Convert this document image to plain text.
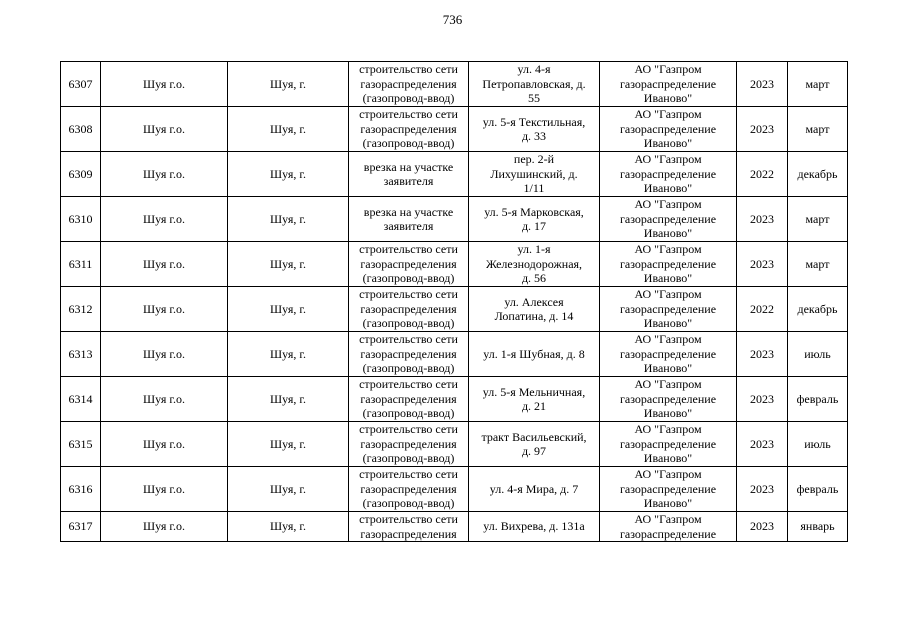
736
6307	Шуя г.о.	Шуя, г.	строительство сети
газораспределения
(газопровод-ввод)	ул. 4-я
Петропавловская, д.
55	АО "Газпром
газораспределение
Иваново"	2023	март

6308	Шуя г.о.	Шуя, г.	строительство сети
газораспределения
(газопровод-ввод)	ул. 5-я Текстильная,
д. 33	АО "Газпром
газораспределение
Иваново"	2023	март

6309	Шуя г.о.	Шуя, г.	врезка на участке
заявителя	пер. 2-й
Лихушинский, д.
1/11	АО "Газпром
газораспределение
Иваново"	2022	декабрь

6310	Шуя г.о.	Шуя, г.	врезка на участке
заявителя	ул. 5-я Марковская,
д. 17	АО "Газпром
газораспределение
Иваново"	2023	март

6311	Шуя г.о.	Шуя, г.	строительство сети
газораспределения
(газопровод-ввод)	ул. 1-я
Железнодорожная,
д. 56	АО "Газпром
газораспределение
Иваново"	2023	март

6312	Шуя г.о.	Шуя, г.	строительство сети
газораспределения
(газопровод-ввод)	ул. Алексея
Лопатина, д. 14	АО "Газпром
газораспределение
Иваново"	2022	декабрь

6313	Шуя г.о.	Шуя, г.	строительство сети
газораспределения
(газопровод-ввод)	ул. 1-я Шубная, д. 8	АО "Газпром
газораспределение
Иваново"	2023	июль

6314	Шуя г.о.	Шуя, г.	строительство сети
газораспределения
(газопровод-ввод)	ул. 5-я Мельничная,
д. 21	АО "Газпром
газораспределение
Иваново"	2023	февраль

6315	Шуя г.о.	Шуя, г.	строительство сети
газораспределения
(газопровод-ввод)	тракт Васильевский,
д. 97	АО "Газпром
газораспределение
Иваново"	2023	июль

6316	Шуя г.о.	Шуя, г.	строительство сети
газораспределения
(газопровод-ввод)	ул. 4-я Мира, д. 7	АО "Газпром
газораспределение
Иваново"	2023	февраль

6317	Шуя г.о.	Шуя, г.	строительство сети
газораспределения	ул. Вихрева, д. 131а	АО "Газпром
газораспределение	2023	январь
